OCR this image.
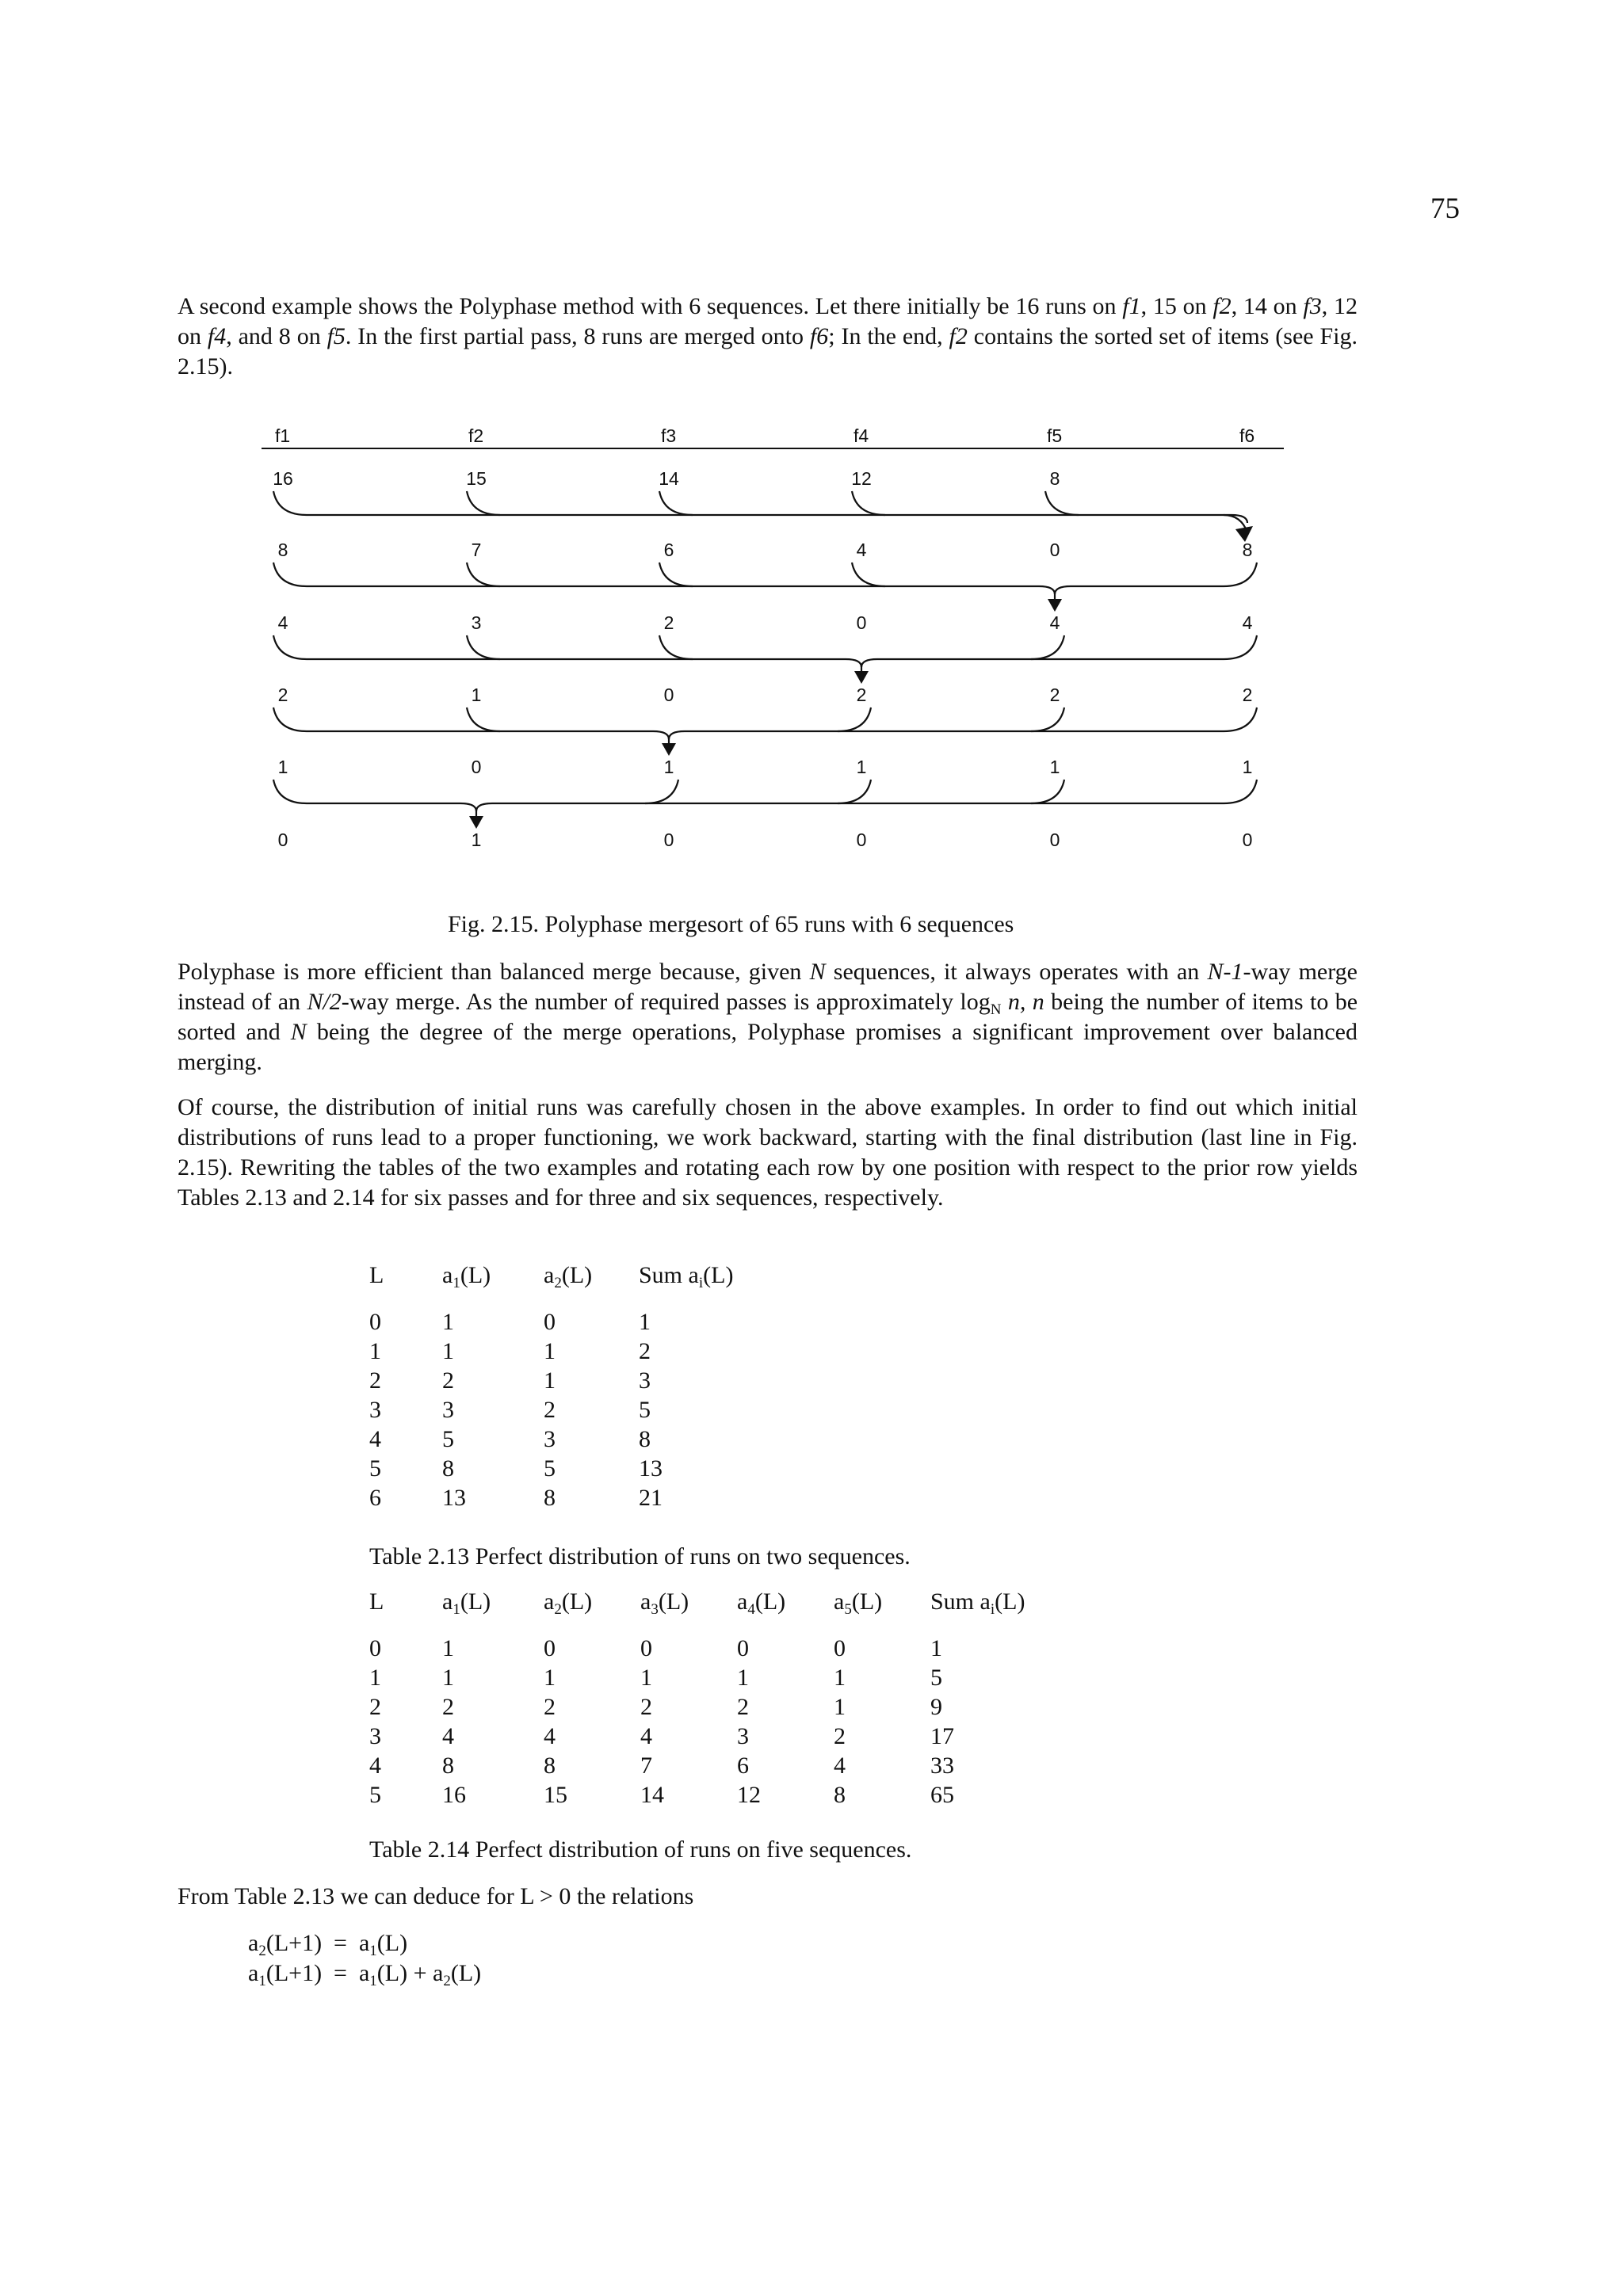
75

A second example shows the Polyphase method with 6 sequences. Let there initially be 16 runs on f1, 15 on f2, 14 on f3, 12 on f4, and 8 on f5. In the first partial pass, 8 runs are merged onto f6; In the end, f2 contains the sorted set of items (see Fig. 2.15).

f1	f2	f3	f4	f5	f6
16	15	14	12	8
8	7	6	4	0	8
4	3	2	0	4	4
2	1	0	2	2	2
1	0	1	1	1	1
0	1	0	0	0	0
Fig. 2.15. Polyphase mergesort of 65 runs with 6 sequences

Polyphase is more efficient than balanced merge because, given N sequences, it always operates with an N-1-way merge instead of an N/2-way merge. As the number of required passes is approximately $\log_N n$, n being the number of items to be sorted and N being the degree of the merge operations, Polyphase promises a significant improvement over balanced merging.

Of course, the distribution of initial runs was carefully chosen in the above examples. In order to find out which initial distributions of runs lead to a proper functioning, we work backward, starting with the final distribution (last line in Fig. 2.15). Rewriting the tables of the two examples and rotating each row by one position with respect to the prior row yields Tables 2.13 and 2.14 for six passes and for three and six sequences, respectively.

L	$a_1(L)$	$a_2(L)$	Sum $a_i(L)$
0	1	0	1
1	1	1	2
2	2	1	3
3	3	2	5
4	5	3	8
5	8	5	13
6	13	8	21
Table 2.13 Perfect distribution of runs on two sequences.
L	$a_1(L)$	$a_2(L)$	$a_3(L)$	$a_4(L)$	$a_5(L)$	Sum $a_i(L)$
0	1	0	0	0	0	1
1	1	1	1	1	1	5
2	2	2	2	2	1	9
3	4	4	4	3	2	17
4	8	8	7	6	4	33
5	16	15	14	12	8	65
Table 2.14 Perfect distribution of runs on five sequences.
From Table 2.13 we can deduce for L > 0 the relations
$a_2(L+1) = a_1(L)$
$a_1(L+1) = a_1(L) + a_2(L)$
